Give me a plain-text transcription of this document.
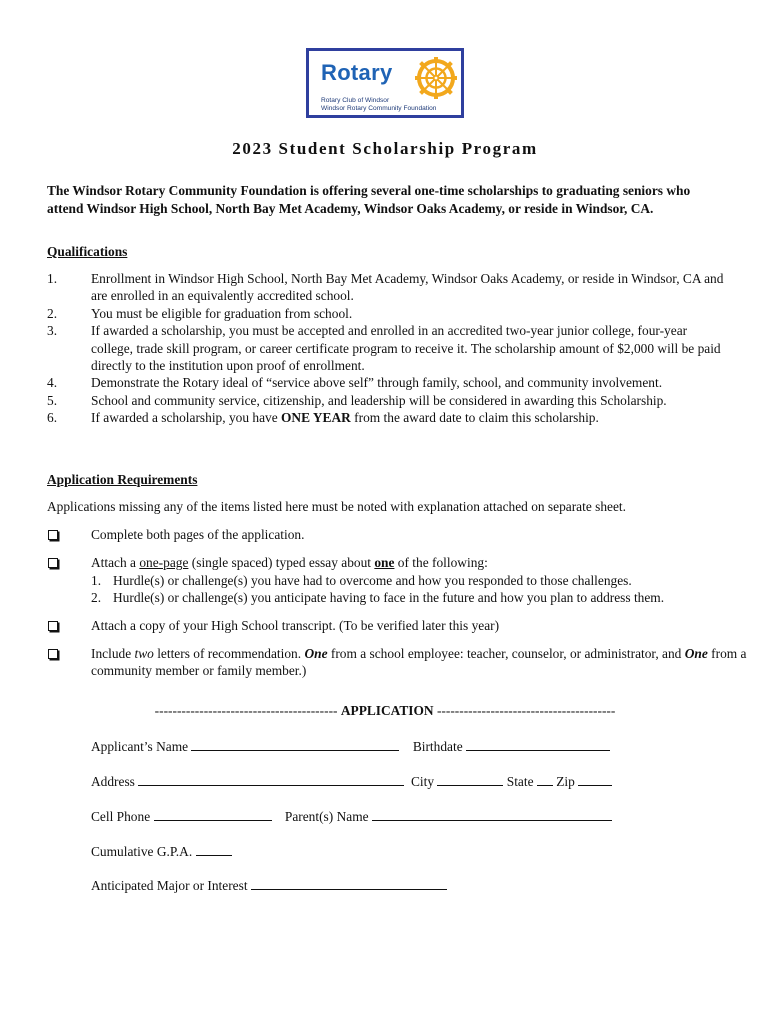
Rotary
Rotary Club of Windsor
Windsor Rotary Community Foundation
2023 Student Scholarship Program
The Windsor Rotary Community Foundation is offering several one-time scholarships to graduating seniors who attend Windsor High School, North Bay Met Academy, Windsor Oaks Academy, or reside in Windsor, CA.
Qualifications
1.	Enrollment in Windsor High School, North Bay Met Academy, Windsor Oaks Academy, or reside in Windsor, CA and are enrolled in an equivalently accredited school.
2.	You must be eligible for graduation from school.
3.	If awarded a scholarship, you must be accepted and enrolled in an accredited two-year junior college, four-year college, trade skill program, or career certificate program to receive it. The scholarship amount of $2,000 will be paid directly to the institution upon proof of enrollment.
4.	Demonstrate the Rotary ideal of “service above self” through family, school, and community involvement.
5.	School and community service, citizenship, and leadership will be considered in awarding this Scholarship.
6.	If awarded a scholarship, you have ONE YEAR from the award date to claim this scholarship.
Application Requirements
Applications missing any of the items listed here must be noted with explanation attached on separate sheet.
Complete both pages of the application.
Attach a one-page (single spaced) typed essay about one of the following:
1. Hurdle(s) or challenge(s) you have had to overcome and how you responded to those challenges.
2. Hurdle(s) or challenge(s) you anticipate having to face in the future and how you plan to address them.
Attach a copy of your High School transcript. (To be verified later this year)
Include two letters of recommendation. One from a school employee: teacher, counselor, or administrator, and One from a community member or family member.)
----------------------------------------- APPLICATION ----------------------------------------
Applicant’s Name	Birthdate
Address	City	State Zip
Cell Phone	Parent(s) Name
Cumulative G.P.A.
Anticipated Major or Interest
